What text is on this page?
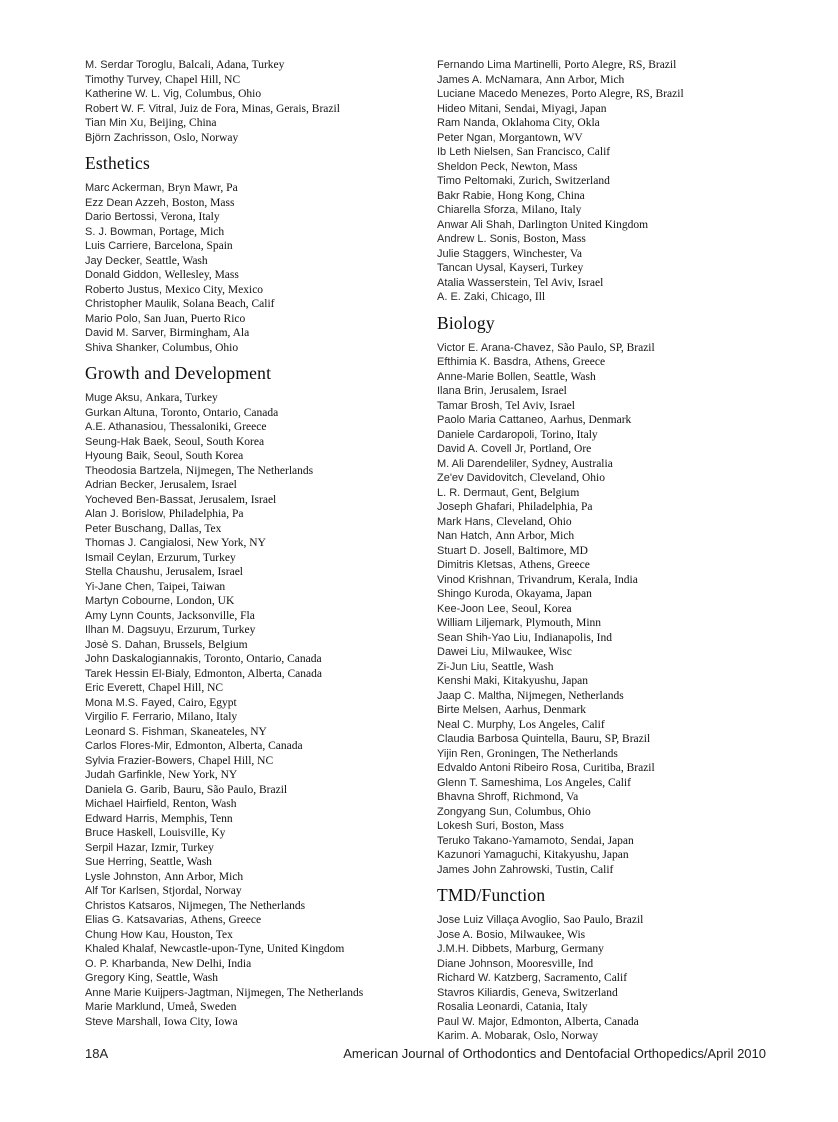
M. Serdar Toroglu, Balcali, Adana, Turkey
Timothy Turvey, Chapel Hill, NC
Katherine W. L. Vig, Columbus, Ohio
Robert W. F. Vitral, Juiz de Fora, Minas, Gerais, Brazil
Tian Min Xu, Beijing, China
Björn Zachrisson, Oslo, Norway
Esthetics
Marc Ackerman, Bryn Mawr, Pa
Ezz Dean Azzeh, Boston, Mass
Dario Bertossi, Verona, Italy
S. J. Bowman, Portage, Mich
Luis Carriere, Barcelona, Spain
Jay Decker, Seattle, Wash
Donald Giddon, Wellesley, Mass
Roberto Justus, Mexico City, Mexico
Christopher Maulik, Solana Beach, Calif
Mario Polo, San Juan, Puerto Rico
David M. Sarver, Birmingham, Ala
Shiva Shanker, Columbus, Ohio
Growth and Development
Muge Aksu, Ankara, Turkey
Gurkan Altuna, Toronto, Ontario, Canada
A.E. Athanasiou, Thessaloniki, Greece
Seung-Hak Baek, Seoul, South Korea
Hyoung Baik, Seoul, South Korea
Theodosia Bartzela, Nijmegen, The Netherlands
Adrian Becker, Jerusalem, Israel
Yocheved Ben-Bassat, Jerusalem, Israel
Alan J. Borislow, Philadelphia, Pa
Peter Buschang, Dallas, Tex
Thomas J. Cangialosi, New York, NY
Ismail Ceylan, Erzurum, Turkey
Stella Chaushu, Jerusalem, Israel
Yi-Jane Chen, Taipei, Taiwan
Martyn Cobourne, London, UK
Amy Lynn Counts, Jacksonville, Fla
Ilhan M. Dagsuyu, Erzurum, Turkey
Josè S. Dahan, Brussels, Belgium
John Daskalogiannakis, Toronto, Ontario, Canada
Tarek Hessin El-Bialy, Edmonton, Alberta, Canada
Eric Everett, Chapel Hill, NC
Mona M.S. Fayed, Cairo, Egypt
Virgilio F. Ferrario, Milano, Italy
Leonard S. Fishman, Skaneateles, NY
Carlos Flores-Mir, Edmonton, Alberta, Canada
Sylvia Frazier-Bowers, Chapel Hill, NC
Judah Garfinkle, New York, NY
Daniela G. Garib, Bauru, São Paulo, Brazil
Michael Hairfield, Renton, Wash
Edward Harris, Memphis, Tenn
Bruce Haskell, Louisville, Ky
Serpil Hazar, Izmir, Turkey
Sue Herring, Seattle, Wash
Lysle Johnston, Ann Arbor, Mich
Alf Tor Karlsen, Stjordal, Norway
Christos Katsaros, Nijmegen, The Netherlands
Elias G. Katsavarias, Athens, Greece
Chung How Kau, Houston, Tex
Khaled Khalaf, Newcastle-upon-Tyne, United Kingdom
O. P. Kharbanda, New Delhi, India
Gregory King, Seattle, Wash
Anne Marie Kuijpers-Jagtman, Nijmegen, The Netherlands
Marie Marklund, Umeå, Sweden
Steve Marshall, Iowa City, Iowa
Fernando Lima Martinelli, Porto Alegre, RS, Brazil
James A. McNamara, Ann Arbor, Mich
Luciane Macedo Menezes, Porto Alegre, RS, Brazil
Hideo Mitani, Sendai, Miyagi, Japan
Ram Nanda, Oklahoma City, Okla
Peter Ngan, Morgantown, WV
Ib Leth Nielsen, San Francisco, Calif
Sheldon Peck, Newton, Mass
Timo Peltomaki, Zurich, Switzerland
Bakr Rabie, Hong Kong, China
Chiarella Sforza, Milano, Italy
Anwar Ali Shah, Darlington United Kingdom
Andrew L. Sonis, Boston, Mass
Julie Staggers, Winchester, Va
Tancan Uysal, Kayseri, Turkey
Atalia Wasserstein, Tel Aviv, Israel
A. E. Zaki, Chicago, Ill
Biology
Victor E. Arana-Chavez, São Paulo, SP, Brazil
Efthimia K. Basdra, Athens, Greece
Anne-Marie Bollen, Seattle, Wash
Ilana Brin, Jerusalem, Israel
Tamar Brosh, Tel Aviv, Israel
Paolo Maria Cattaneo, Aarhus, Denmark
Daniele Cardaropoli, Torino, Italy
David A. Covell Jr, Portland, Ore
M. Ali Darendeliler, Sydney, Australia
Ze'ev Davidovitch, Cleveland, Ohio
L. R. Dermaut, Gent, Belgium
Joseph Ghafari, Philadelphia, Pa
Mark Hans, Cleveland, Ohio
Nan Hatch, Ann Arbor, Mich
Stuart D. Josell, Baltimore, MD
Dimitris Kletsas, Athens, Greece
Vinod Krishnan, Trivandrum, Kerala, India
Shingo Kuroda, Okayama, Japan
Kee-Joon Lee, Seoul, Korea
William Liljemark, Plymouth, Minn
Sean Shih-Yao Liu, Indianapolis, Ind
Dawei Liu, Milwaukee, Wisc
Zi-Jun Liu, Seattle, Wash
Kenshi Maki, Kitakyushu, Japan
Jaap C. Maltha, Nijmegen, Netherlands
Birte Melsen, Aarhus, Denmark
Neal C. Murphy, Los Angeles, Calif
Claudia Barbosa Quintella, Bauru, SP, Brazil
Yijin Ren, Groningen, The Netherlands
Edvaldo Antoni Ribeiro Rosa, Curitiba, Brazil
Glenn T. Sameshima, Los Angeles, Calif
Bhavna Shroff, Richmond, Va
Zongyang Sun, Columbus, Ohio
Lokesh Suri, Boston, Mass
Teruko Takano-Yamamoto, Sendai, Japan
Kazunori Yamaguchi, Kitakyushu, Japan
James John Zahrowski, Tustin, Calif
TMD/Function
Jose Luiz Villaça Avoglio, Sao Paulo, Brazil
Jose A. Bosio, Milwaukee, Wis
J.M.H. Dibbets, Marburg, Germany
Diane Johnson, Mooresville, Ind
Richard W. Katzberg, Sacramento, Calif
Stavros Kiliardis, Geneva, Switzerland
Rosalia Leonardi, Catania, Italy
Paul W. Major, Edmonton, Alberta, Canada
Karim. A. Mobarak, Oslo, Norway
18A	American Journal of Orthodontics and Dentofacial Orthopedics/April 2010
